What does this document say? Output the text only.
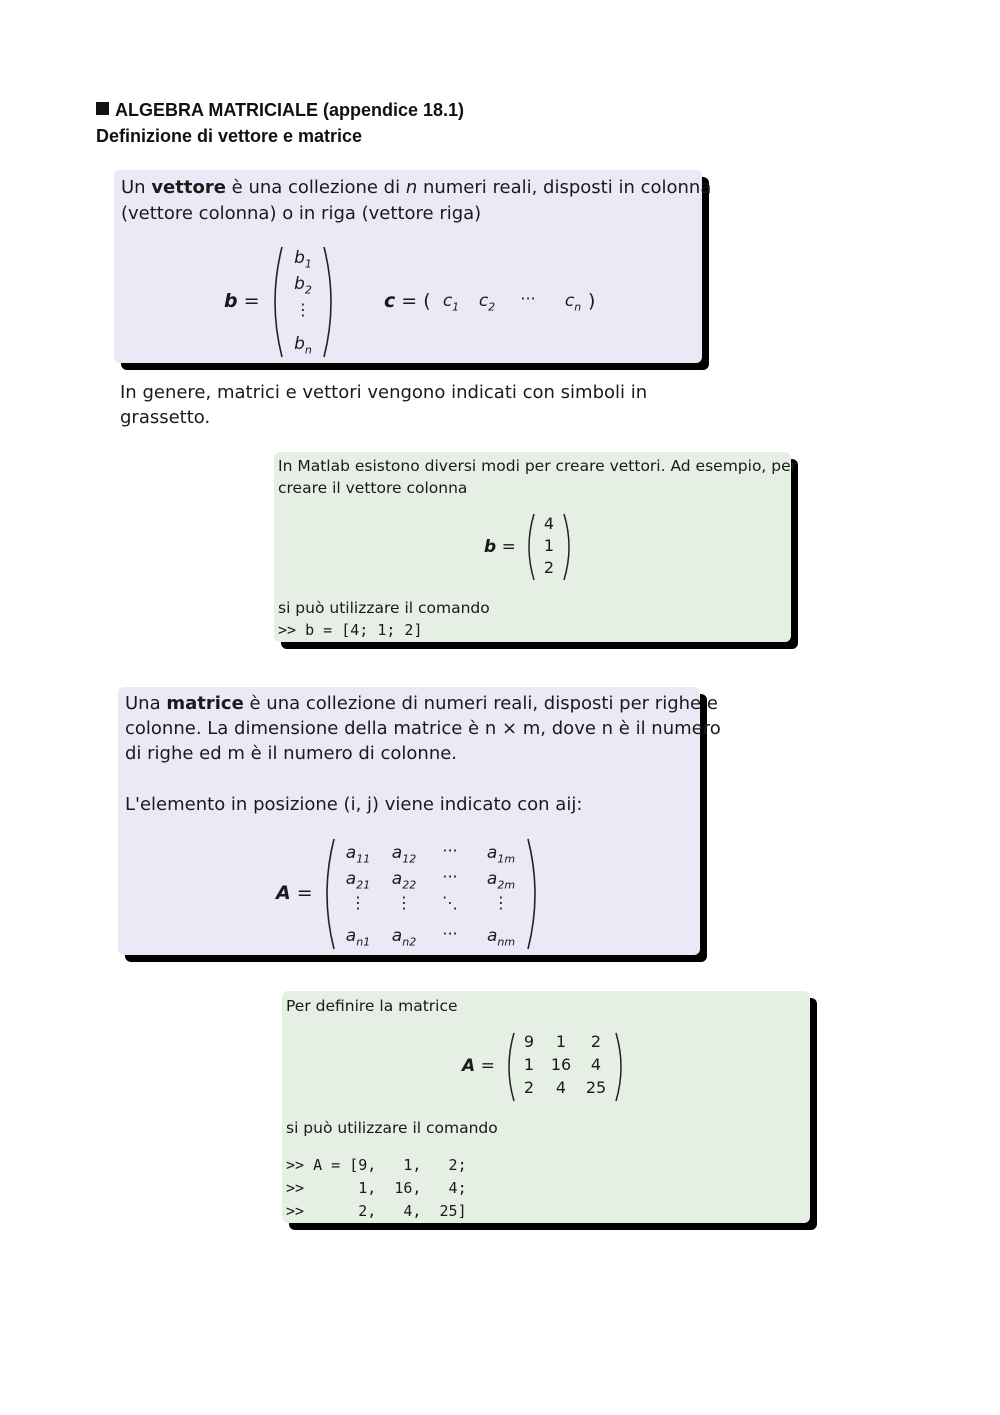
ALGEBRA MATRICIALE (appendice 18.1)
Definizione di vettore e matrice
Un vettore è una collezione di n numeri reali, disposti in colonna
(vettore colonna) o in riga (vettore riga)
b =
$b_1$
$b_2$
⋮
$b_n$
c = ( $c_1$	$c_2$	···	$c_n$ )
In genere, matrici e vettori vengono indicati con simboli in
grassetto.
In Matlab esistono diversi modi per creare vettori. Ad esempio, per
creare il vettore colonna
b =
4
1
2
si può utilizzare il comando
>> b = [4; 1; 2]
Una matrice è una collezione di numeri reali, disposti per righe e
colonne. La dimensione della matrice è n × m, dove n è il numero
di righe ed m è il numero di colonne.
L'elemento in posizione (i, j) viene indicato con aij:
A =
$a_{11}$	$a_{12}$	···	$a_{1m}$
$a_{21}$	$a_{22}$	···	$a_{2m}$
⋮	⋮	⋱	⋮
$a_{n1}$	$a_{n2}$	···	$a_{nm}$
Per definire la matrice
A =
9	1	2
1	16	4
2	4	25
si può utilizzare il comando
>> A = [9,   1,   2;
>>      1,  16,   4;
>>      2,   4,  25]
